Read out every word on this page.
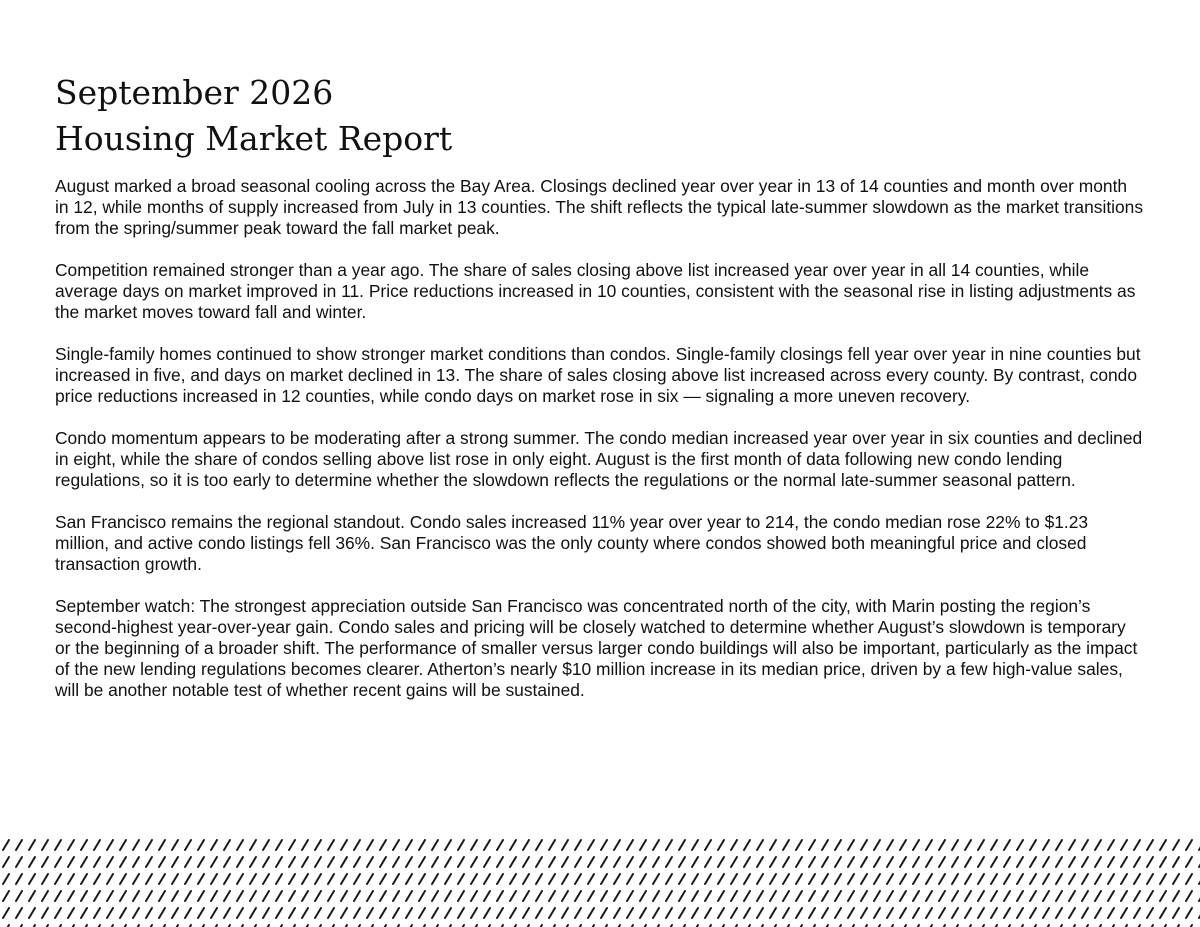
September 2026
Housing Market Report

August marked a broad seasonal cooling across the Bay Area. Closings declined year over year in 13 of 14 counties and month over month in 12, while months of supply increased from July in 13 counties. The shift reflects the typical late-summer slowdown as the market transitions from the spring/summer peak toward the fall market peak.

Competition remained stronger than a year ago. The share of sales closing above list increased year over year in all 14 counties, while average days on market improved in 11. Price reductions increased in 10 counties, consistent with the seasonal rise in listing adjustments as the market moves toward fall and winter.

Single-family homes continued to show stronger market conditions than condos. Single-family closings fell year over year in nine counties but increased in five, and days on market declined in 13. The share of sales closing above list increased across every county. By contrast, condo price reductions increased in 12 counties, while condo days on market rose in six — signaling a more uneven recovery.

Condo momentum appears to be moderating after a strong summer. The condo median increased year over year in six counties and declined in eight, while the share of condos selling above list rose in only eight. August is the first month of data following new condo lending regulations, so it is too early to determine whether the slowdown reflects the regulations or the normal late-summer seasonal pattern.

San Francisco remains the regional standout. Condo sales increased 11% year over year to 214, the condo median rose 22% to $1.23 million, and active condo listings fell 36%. San Francisco was the only county where condos showed both meaningful price and closed transaction growth.

September watch: The strongest appreciation outside San Francisco was concentrated north of the city, with Marin posting the region’s second-highest year-over-year gain. Condo sales and pricing will be closely watched to determine whether August’s slowdown is temporary or the beginning of a broader shift. The performance of smaller versus larger condo buildings will also be important, particularly as the impact of the new lending regulations becomes clearer. Atherton’s nearly $10 million increase in its median price, driven by a few high-value sales, will be another notable test of whether recent gains will be sustained.
